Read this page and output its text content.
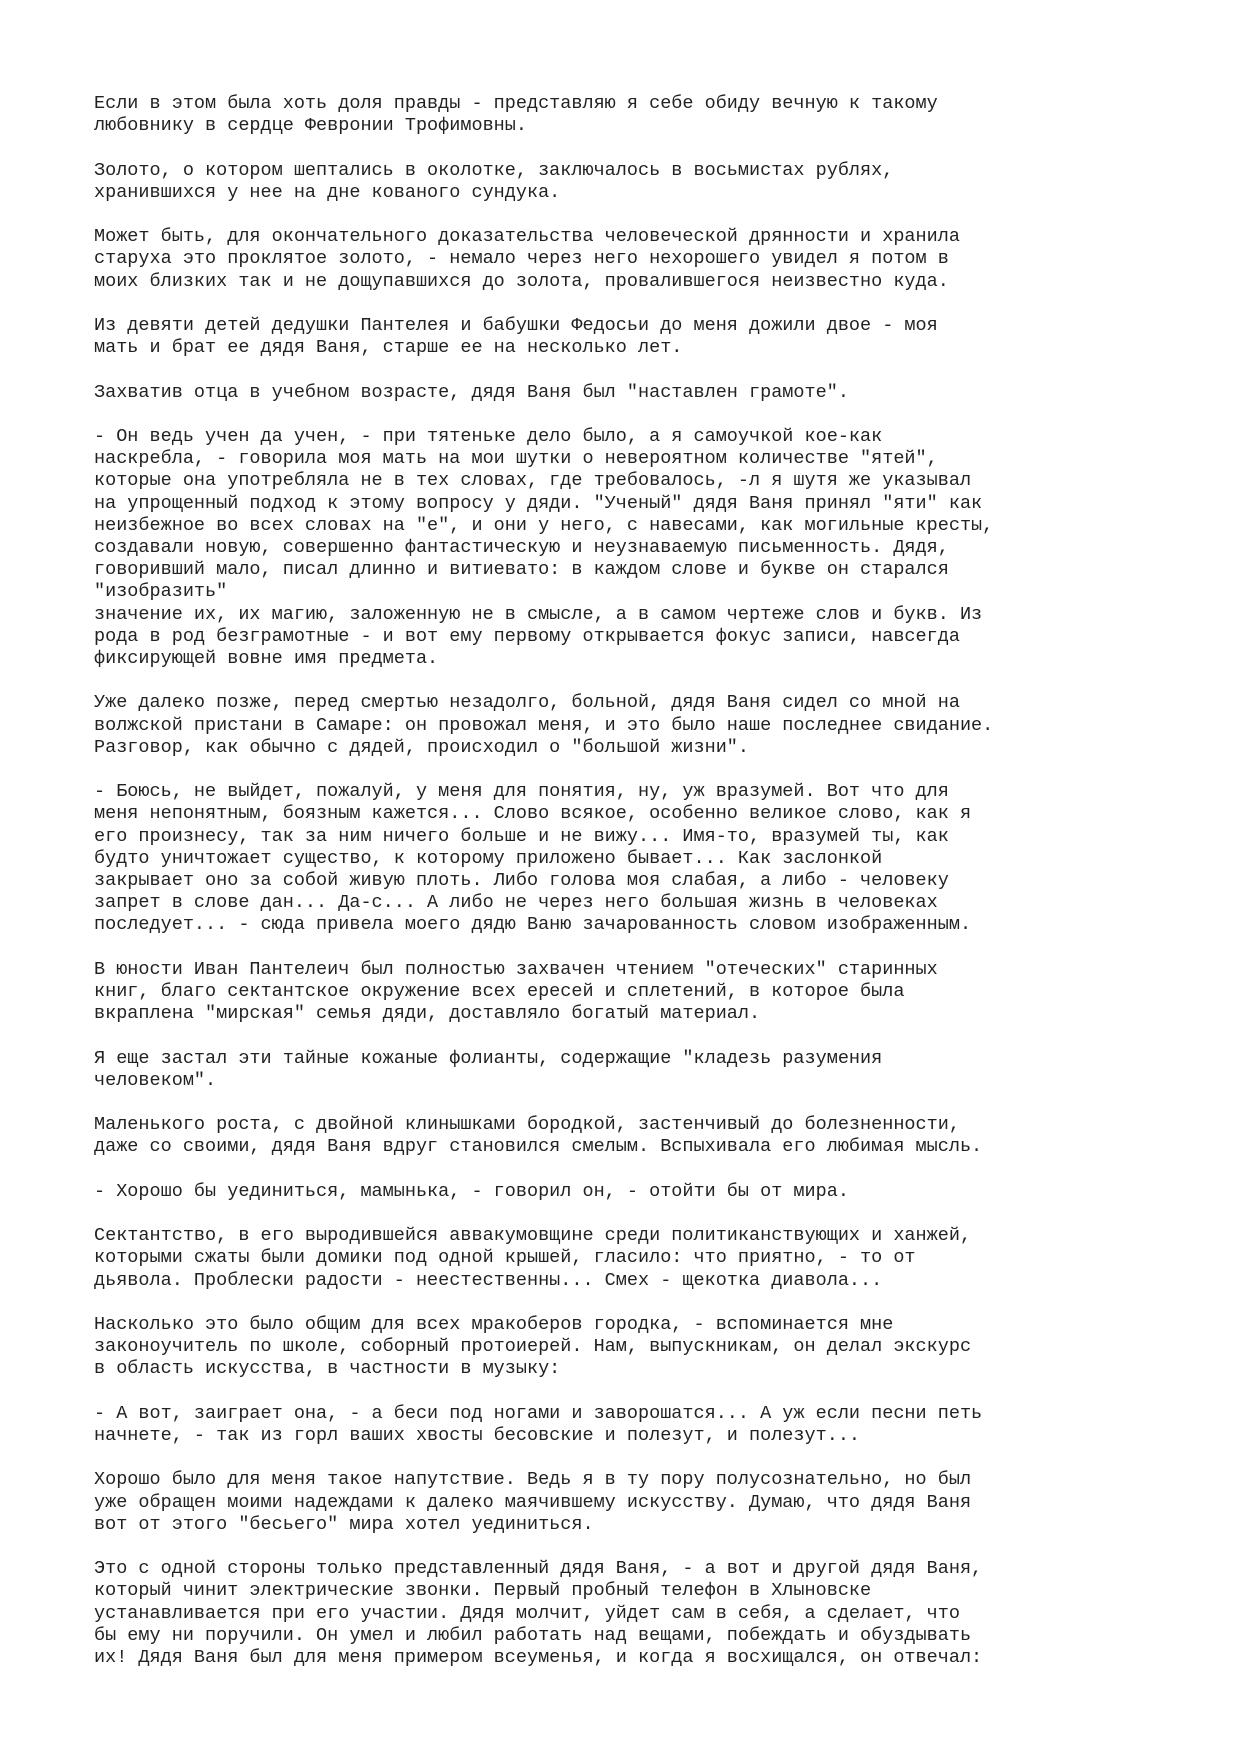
Если в этом была хоть доля правды - представляю я себе обиду вечную к такому
любовнику в сердце Февронии Трофимовны.

Золото, о котором шептались в околотке, заключалось в восьмистах рублях,
хранившихся у нее на дне кованого сундука.

Может быть, для окончательного доказательства человеческой дрянности и хранила
старуха это проклятое золото, - немало через него нехорошего увидел я потом в
моих близких так и не дощупавшихся до золота, провалившегося неизвестно куда.

Из девяти детей дедушки Пантелея и бабушки Федосьи до меня дожили двое - моя
мать и брат ее дядя Ваня, старше ее на несколько лет.

Захватив отца в учебном возрасте, дядя Ваня был "наставлен грамоте".

- Он ведь учен да учен, - при тятеньке дело было, а я самоучкой кое-как
наскребла, - говорила моя мать на мои шутки о невероятном количестве "ятей",
которые она употребляла не в тех словах, где требовалось, -л я шутя же указывал
на упрощенный подход к этому вопросу у дяди. "Ученый" дядя Ваня принял "яти" как
неизбежное во всех словах на "е", и они у него, с навесами, как могильные кресты,
создавали новую, совершенно фантастическую и неузнаваемую письменность. Дядя,
говоривший мало, писал длинно и витиевато: в каждом слове и букве он старался
"изобразить"
значение их, их магию, заложенную не в смысле, а в самом чертеже слов и букв. Из
рода в род безграмотные - и вот ему первому открывается фокус записи, навсегда
фиксирующей вовне имя предмета.

Уже далеко позже, перед смертью незадолго, больной, дядя Ваня сидел со мной на
волжской пристани в Самаре: он провожал меня, и это было наше последнее свидание.
Разговор, как обычно с дядей, происходил о "большой жизни".

- Боюсь, не выйдет, пожалуй, у меня для понятия, ну, уж вразумей. Вот что для
меня непонятным, боязным кажется... Слово всякое, особенно великое слово, как я
его произнесу, так за ним ничего больше и не вижу... Имя-то, вразумей ты, как
будто уничтожает существо, к которому приложено бывает... Как заслонкой
закрывает оно за собой живую плоть. Либо голова моя слабая, а либо - человеку
запрет в слове дан... Да-с... А либо не через него большая жизнь в человеках
последует... - сюда привела моего дядю Ваню зачарованность словом изображенным.

В юности Иван Пантелеич был полностью захвачен чтением "отеческих" старинных
книг, благо сектантское окружение всех ересей и сплетений, в которое была
вкраплена "мирская" семья дяди, доставляло богатый материал.

Я еще застал эти тайные кожаные фолианты, содержащие "кладезь разумения
человеком".

Маленького роста, с двойной клинышками бородкой, застенчивый до болезненности,
даже со своими, дядя Ваня вдруг становился смелым. Вспыхивала его любимая мысль.

- Хорошо бы уединиться, мамынька, - говорил он, - отойти бы от мира.

Сектантство, в его выродившейся аввакумовщине среди политиканствующих и ханжей,
которыми сжаты были домики под одной крышей, гласило: что приятно, - то от
дьявола. Проблески радости - неестественны... Смех - щекотка диавола...

Насколько это было общим для всех мракоберов городка, - вспоминается мне
законоучитель по школе, соборный протоиерей. Нам, выпускникам, он делал экскурс
в область искусства, в частности в музыку:

- А вот, заиграет она, - а беси под ногами и заворошатся... А уж если песни петь
начнете, - так из горл ваших хвосты бесовские и полезут, и полезут...

Хорошо было для меня такое напутствие. Ведь я в ту пору полусознательно, но был
уже обращен моими надеждами к далеко маячившему искусству. Думаю, что дядя Ваня
вот от этого "бесьего" мира хотел уединиться.

Это с одной стороны только представленный дядя Ваня, - а вот и другой дядя Ваня,
который чинит электрические звонки. Первый пробный телефон в Хлыновске
устанавливается при его участии. Дядя молчит, уйдет сам в себя, а сделает, что
бы ему ни поручили. Он умел и любил работать над вещами, побеждать и обуздывать
их! Дядя Ваня был для меня примером всеуменья, и когда я восхищался, он отвечал:
